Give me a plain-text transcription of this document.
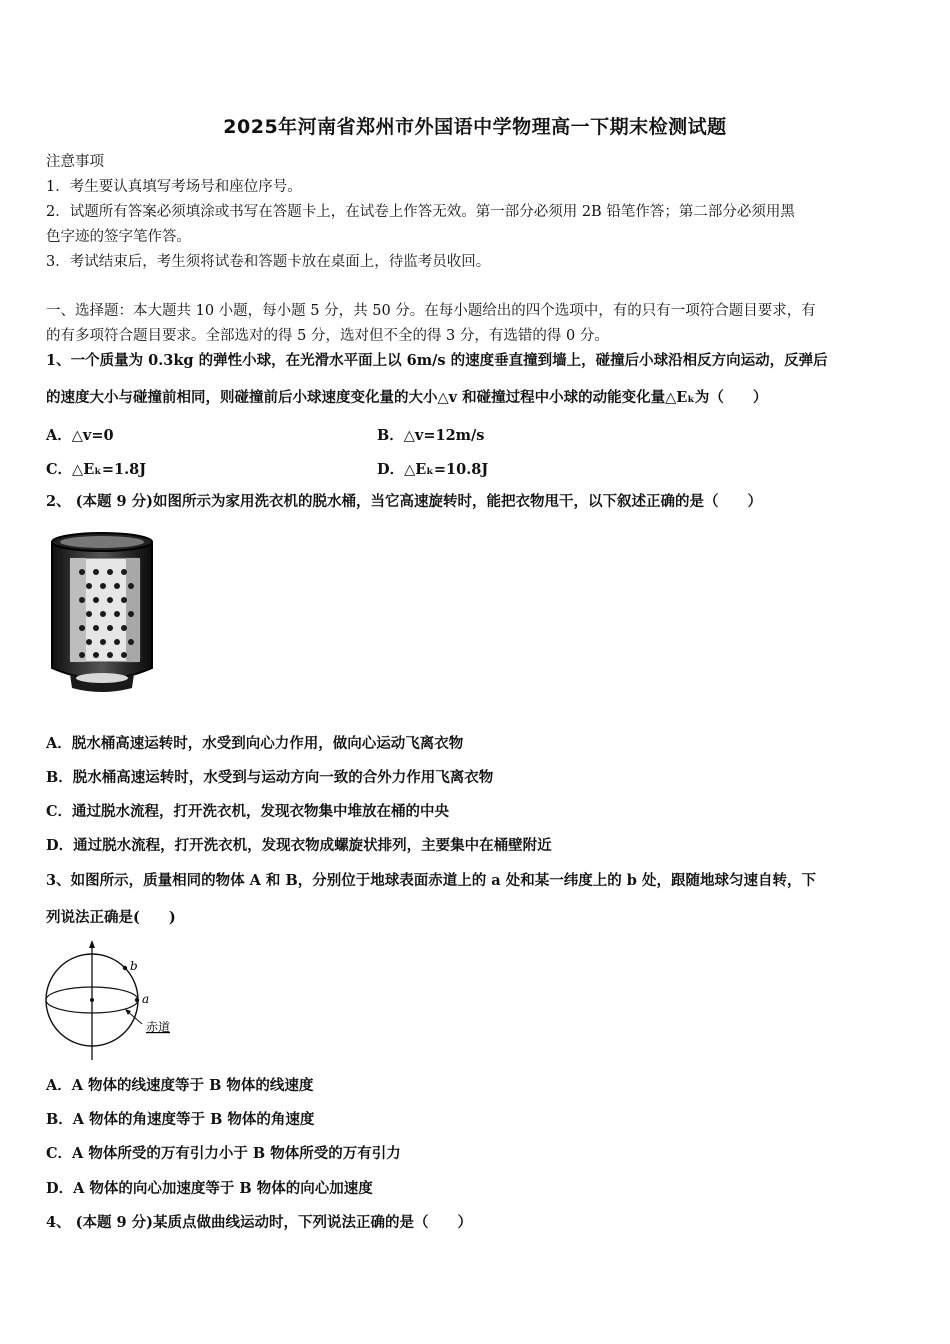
2025年河南省郑州市外国语中学物理高一下期末检测试题
注意事项
1．考生要认真填写考场号和座位序号。
2．试题所有答案必须填涂或书写在答题卡上，在试卷上作答无效。第一部分必须用 2B 铅笔作答；第二部分必须用黑
色字迹的签字笔作答。
3．考试结束后，考生须将试卷和答题卡放在桌面上，待监考员收回。
一、选择题：本大题共 10 小题，每小题 5 分，共 50 分。在每小题给出的四个选项中，有的只有一项符合题目要求，有
的有多项符合题目要求。全部选对的得 5 分，选对但不全的得 3 分，有选错的得 0 分。
1、一个质量为 0.3kg 的弹性小球，在光滑水平面上以 6m/s 的速度垂直撞到墙上，碰撞后小球沿相反方向运动，反弹后
的速度大小与碰撞前相同，则碰撞前后小球速度变化量的大小△v 和碰撞过程中小球的动能变化量△Eₖ为（　　）
A．△v=0	B．△v=12m/s
C．△Eₖ=1.8J	D．△Eₖ=10.8J
2、 (本题 9 分)如图所示为家用洗衣机的脱水桶，当它高速旋转时，能把衣物甩干，以下叙述正确的是（　　）
A．脱水桶高速运转时，水受到向心力作用，做向心运动飞离衣物
B．脱水桶高速运转时，水受到与运动方向一致的合外力作用飞离衣物
C．通过脱水流程，打开洗衣机，发现衣物集中堆放在桶的中央
D．通过脱水流程，打开洗衣机，发现衣物成螺旋状排列，主要集中在桶壁附近
3、如图所示，质量相同的物体 A 和 B，分别位于地球表面赤道上的 a 处和某一纬度上的 b 处，跟随地球匀速自转，下
列说法正确是(　　)
b
a
赤道
A．A 物体的线速度等于 B 物体的线速度
B．A 物体的角速度等于 B 物体的角速度
C．A 物体所受的万有引力小于 B 物体所受的万有引力
D．A 物体的向心加速度等于 B 物体的向心加速度
4、 (本题 9 分)某质点做曲线运动时，下列说法正确的是（　　）
